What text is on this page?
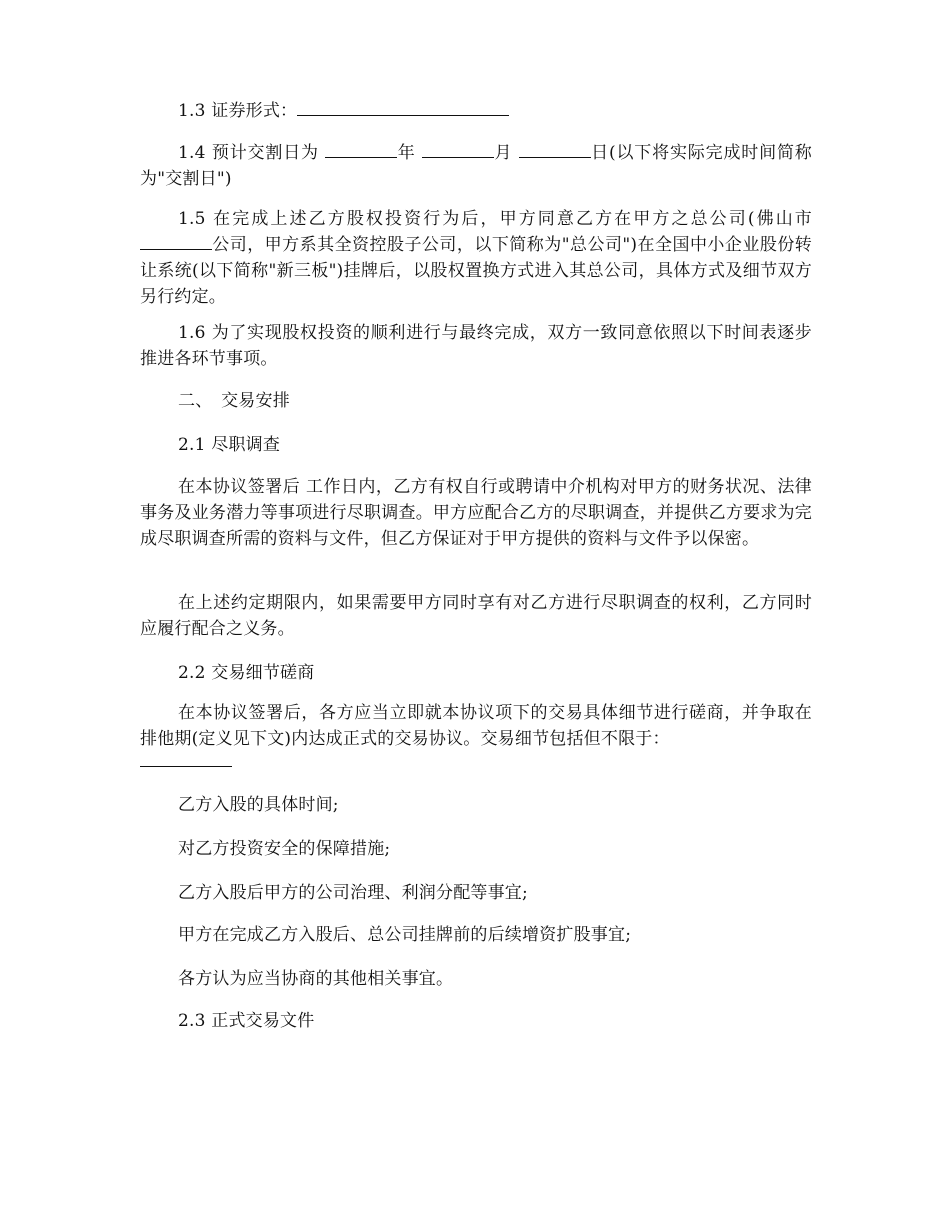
1.3 证券形式：

1.4 预计交割日为	年	月	日(以下将实际完成时间简称为"交割日")

1.5 在完成上述乙方股权投资行为后，甲方同意乙方在甲方之总公司(佛山市公司，甲方系其全资控股子公司，以下简称为"总公司")在全国中小企业股份转让系统(以下简称"新三板")挂牌后，以股权置换方式进入其总公司，具体方式及细节双方另行约定。

1.6 为了实现股权投资的顺利进行与最终完成，双方一致同意依照以下时间表逐步推进各环节事项。

二、　交易安排

2.1 尽职调查

在本协议签署后 工作日内，乙方有权自行或聘请中介机构对甲方的财务状况、法律事务及业务潜力等事项进行尽职调查。甲方应配合乙方的尽职调查，并提供乙方要求为完成尽职调查所需的资料与文件，但乙方保证对于甲方提供的资料与文件予以保密。

在上述约定期限内，如果需要甲方同时享有对乙方进行尽职调查的权利，乙方同时应履行配合之义务。

2.2 交易细节磋商

在本协议签署后，各方应当立即就本协议项下的交易具体细节进行磋商，并争取在排他期(定义见下文)内达成正式的交易协议。交易细节包括但不限于：

乙方入股的具体时间;

对乙方投资安全的保障措施;

乙方入股后甲方的公司治理、利润分配等事宜;

甲方在完成乙方入股后、总公司挂牌前的后续增资扩股事宜;

各方认为应当协商的其他相关事宜。

2.3 正式交易文件
